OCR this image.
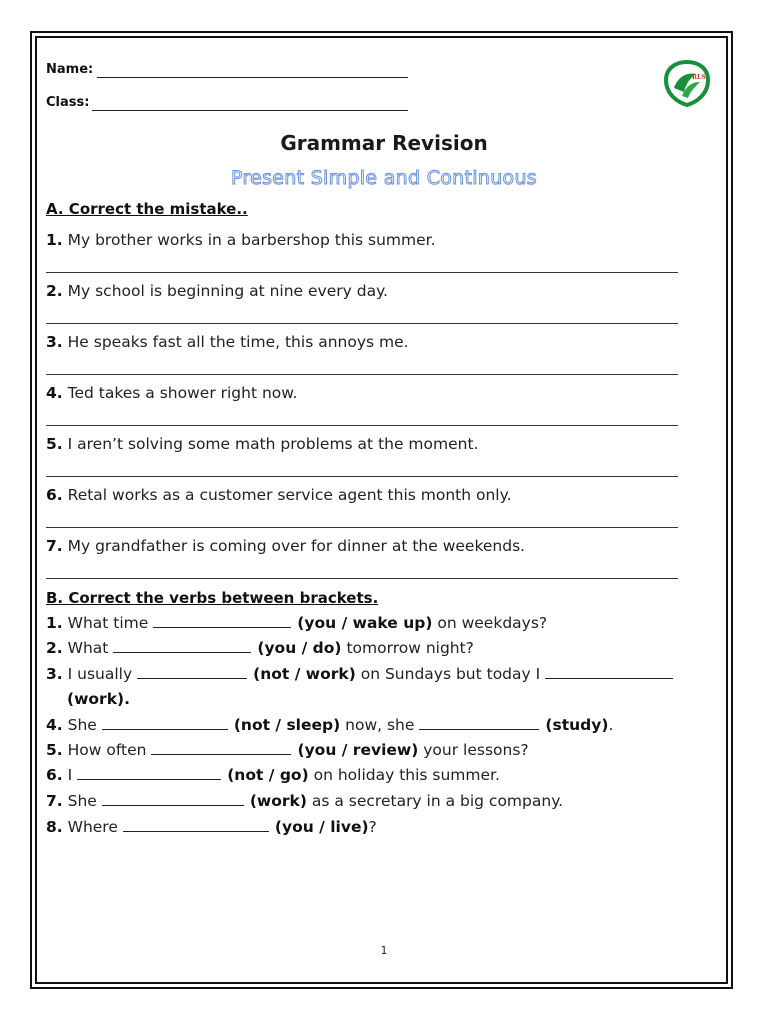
Name:
Class:
RLS
Grammar Revision
Present Simple and Continuous
A. Correct the mistake..
1. My brother works in a barbershop this summer.
2. My school is beginning at nine every day.
3. He speaks fast all the time, this annoys me.
4. Ted takes a shower right now.
5. I aren’t solving some math problems at the moment.
6. Retal works as a customer service agent this month only.
7. My grandfather is coming over for dinner at the weekends.
B. Correct the verbs between brackets.
1. What time	(you / wake up) on weekdays?
2. What	(you / do) tomorrow night?
3. I usually	(not / work) on Sundays but today I
(work).
4. She	(not / sleep) now, she	(study).
5. How often	(you / review) your lessons?
6. I	(not / go) on holiday this summer.
7. She	(work) as a secretary in a big company.
8. Where	(you / live)?
1
